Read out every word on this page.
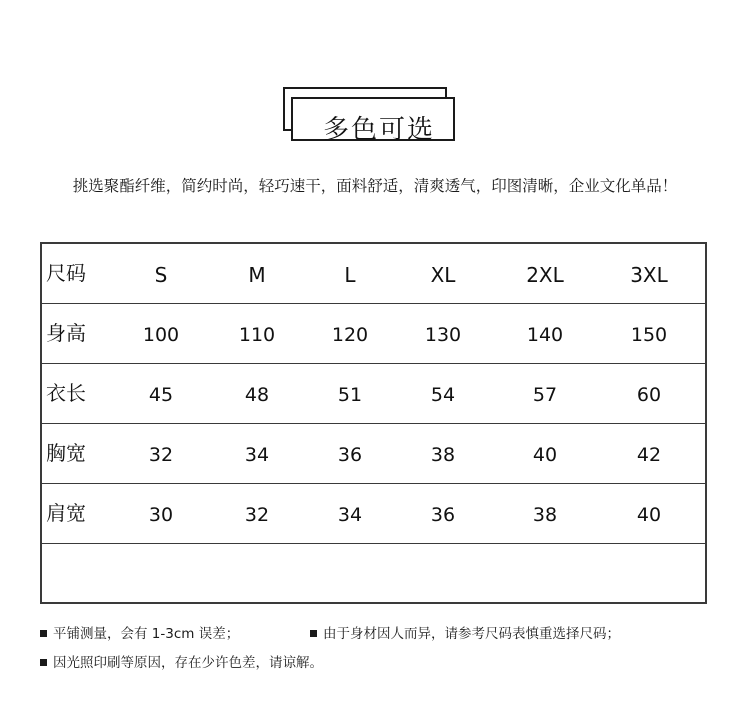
多色可选
挑选聚酯纤维，简约时尚，轻巧速干，面料舒适，清爽透气，印图清晰，企业文化单品！
尺码	S	M	L	XL	2XL	3XL
身高	100	110	120	130	140	150
衣长	45	48	51	54	57	60
胸宽	32	34	36	38	40	42
肩宽	30	32	34	36	38	40
平铺测量，会有 1-3cm 误差；	由于身材因人而异，请参考尺码表慎重选择尺码；
因光照印刷等原因，存在少许色差，请谅解。
